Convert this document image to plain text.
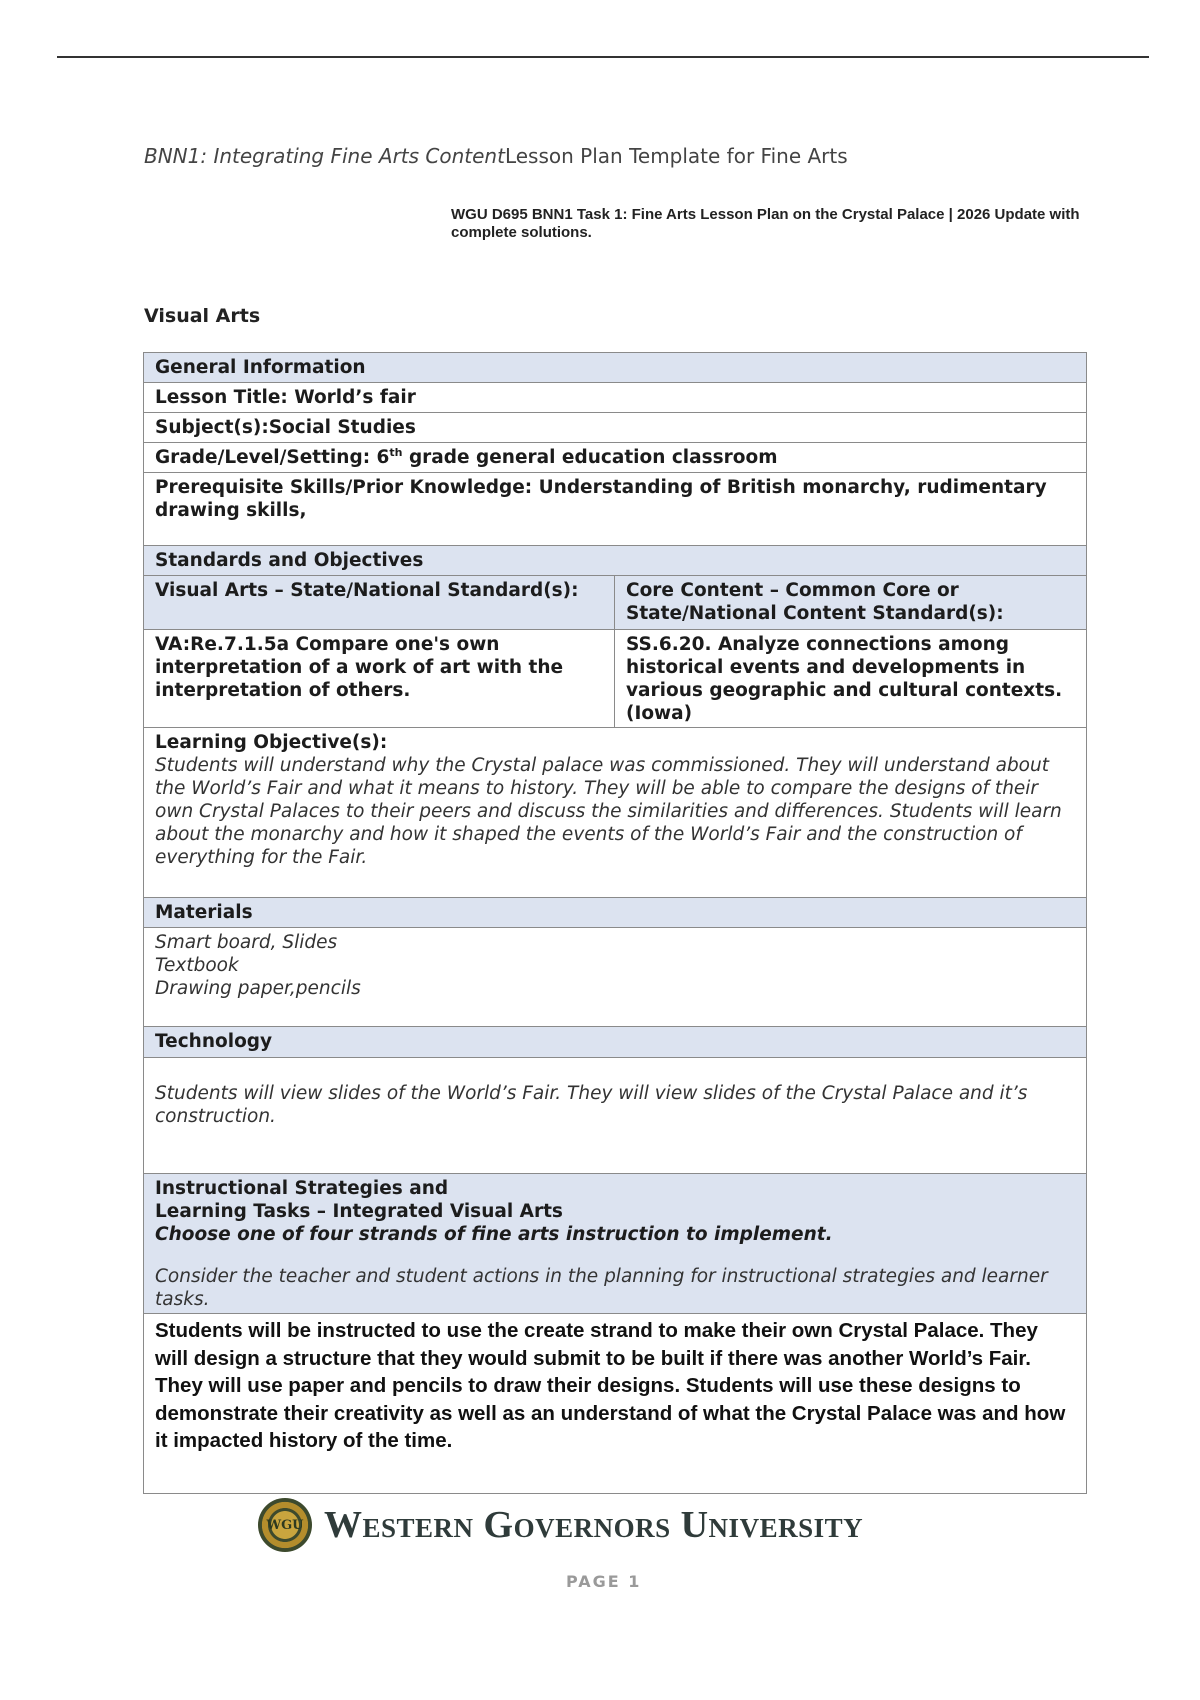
BNN1: Integrating Fine Arts ContentLesson Plan Template for Fine Arts
WGU D695 BNN1 Task 1: Fine Arts Lesson Plan on the Crystal Palace | 2026 Update with complete solutions.
Visual Arts
General Information	
Lesson Title: World’s fair	
Subject(s):Social Studies	
Grade/Level/Setting: 6th grade general education classroom	
Prerequisite Skills/Prior Knowledge: Understanding of British monarchy, rudimentary drawing skills,	
Standards and Objectives	
Visual Arts – State/National Standard(s):	Core Content – Common Core or State/National Content Standard(s):
VA:Re.7.1.5a Compare one's own interpretation of a work of art with the interpretation of others.	SS.6.20. Analyze connections among historical events and developments in various geographic and cultural contexts. (Iowa)

Learning Objective(s):
Students will understand why the Crystal palace was commissioned. They will understand about the World’s Fair and what it means to history. They will be able to compare the designs of their own Crystal Palaces to their peers and discuss the similarities and differences. Students will learn about the monarchy and how it shaped the events of the World’s Fair and the construction of everything for the Fair.	

Materials	

Smart board, Slides
Textbook
Drawing paper,pencils	

Technology	

Students will view slides of the World’s Fair. They will view slides of the Crystal Palace and it’s construction.	

Instructional Strategies and
Learning Tasks – Integrated Visual Arts
Choose one of four strands of fine arts instruction to implement.
Consider the teacher and student actions in the planning for instructional strategies and learner tasks.	

Students will be instructed to use the create strand to make their own Crystal Palace. They will design a structure that they would submit to be built if there was another World’s Fair. They will use paper and pencils to draw their designs. Students will use these designs to demonstrate their creativity as well as an understand of what the Crystal Palace was and how it impacted history of the time.	
WGU Western Governors University
PAGE 1
